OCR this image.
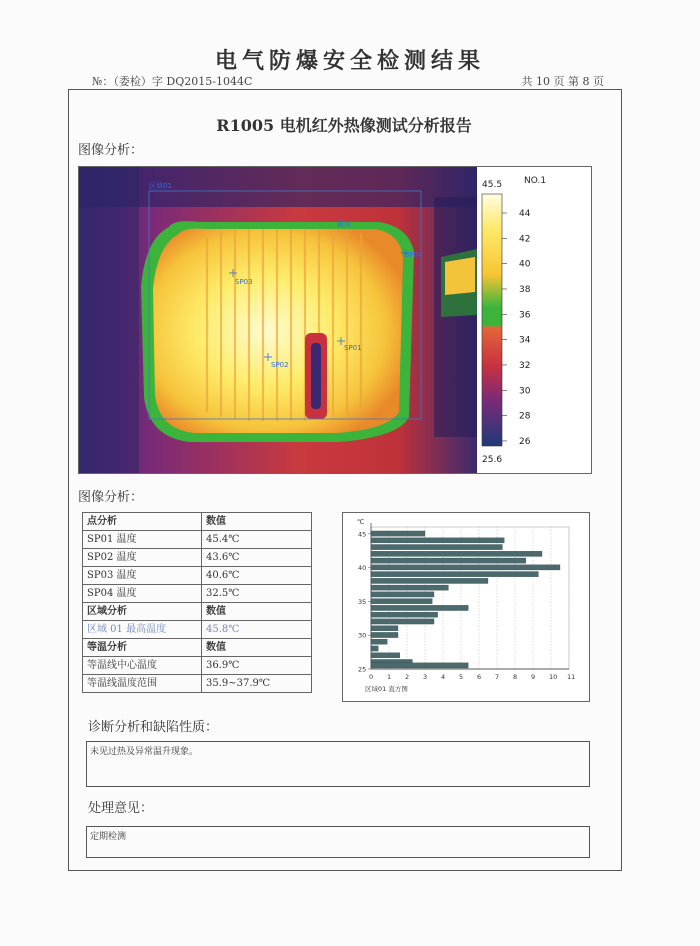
电气防爆安全检测结果
№：（委检）字 DQ2015-1044C	共 10 页 第 8 页
R1005 电机红外热像测试分析报告
图像分析：
区域01
最高
SP01
SP02
SP03
SP04
45.5
25.6
NO.1
44
42
40
38
36
34
32
30
28
26
图像分析：
点分析	数值
SP01 温度	45.4℃
SP02 温度	43.6℃
SP03 温度	40.6℃
SP04 温度	32.5℃
区域分析	数值
区域 01 最高温度	45.8℃
等温分析	数值
等温线中心温度	36.9℃
等温线温度范围	35.9~37.9℃
0 1 2 3 4 5 6 7 8 9 10 11
45
40
35
30
25
℃
区域01 直方图
诊断分析和缺陷性质：
未见过热及异常温升现象。
处理意见：
定期检测
